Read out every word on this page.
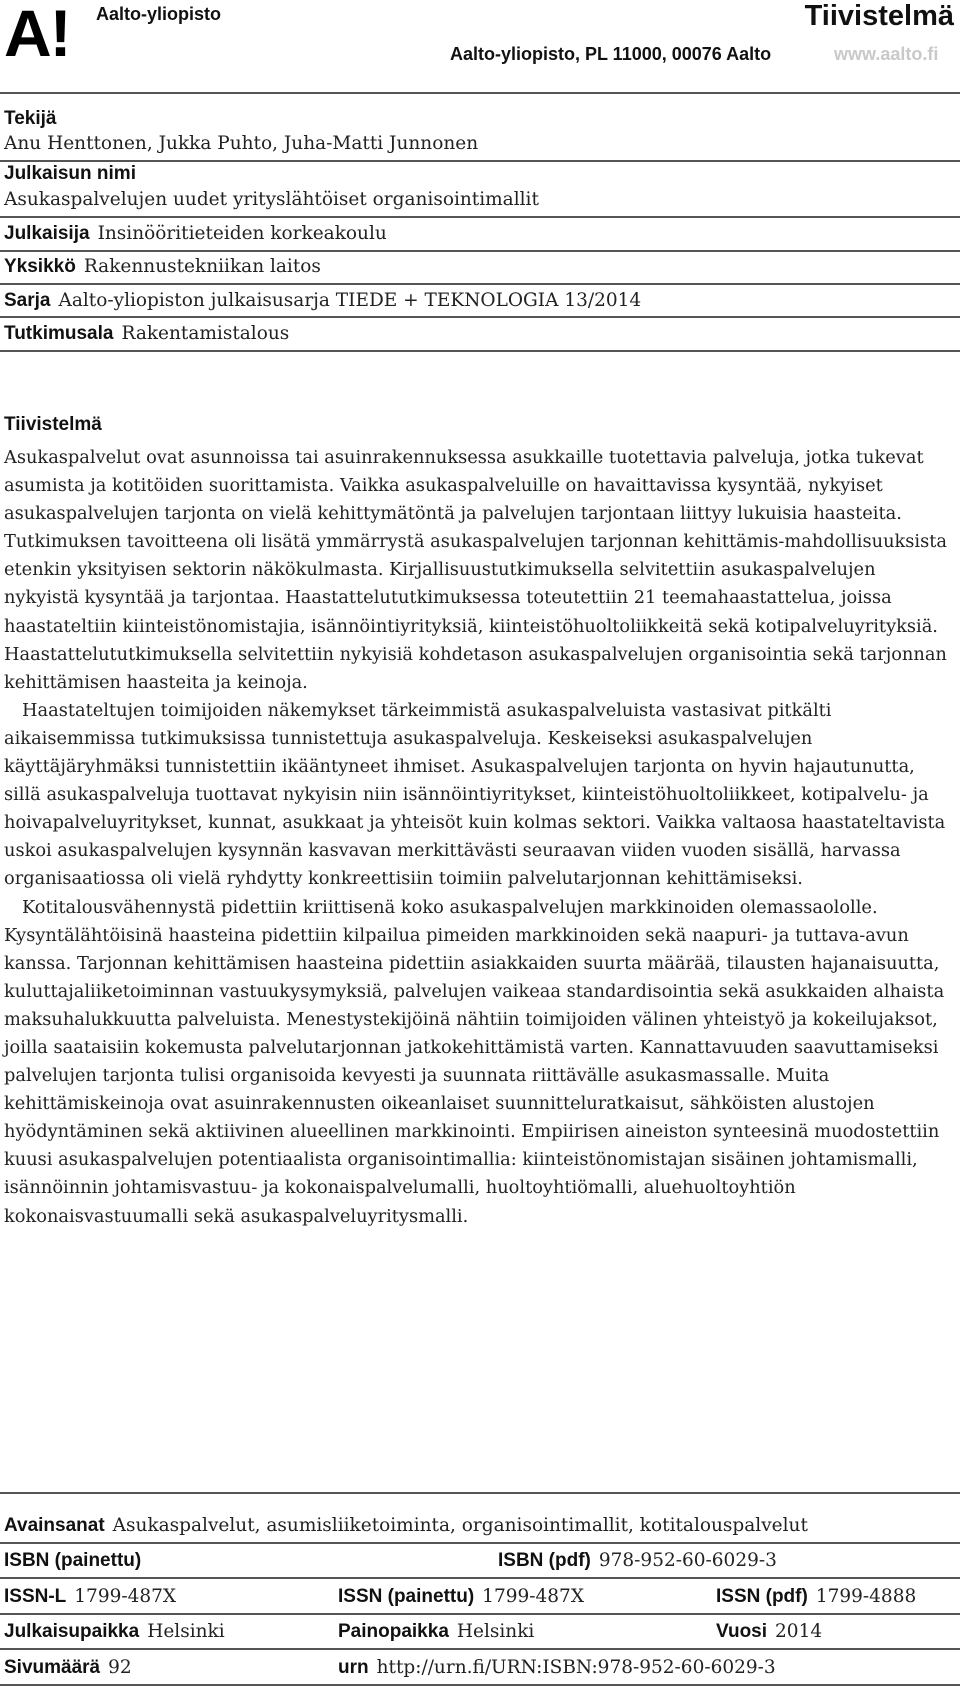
A! Aalto-yliopisto	Tiivistelmä
Aalto-yliopisto, PL 11000, 00076 Aalto	www.aalto.fi
Tekijä
Anu Henttonen, Jukka Puhto, Juha-Matti Junnonen
Julkaisun nimi
Asukaspalvelujen uudet yrityslähtöiset organisointimallit
Julkaisija Insinööritieteiden korkeakoulu
Yksikkö Rakennustekniikan laitos
Sarja Aalto-yliopiston julkaisusarja TIEDE + TEKNOLOGIA 13/2014
Tutkimusala Rakentamistalous
Tiivistelmä

Asukaspalvelut ovat asunnoissa tai asuinrakennuksessa asukkaille tuotettavia palveluja, jotka tukevat asumista ja kotitöiden suorittamista. Vaikka asukaspalveluille on havaittavissa kysyntää, nykyiset asukaspalvelujen tarjonta on vielä kehittymätöntä ja palvelujen tarjontaan liittyy lukuisia haasteita. Tutkimuksen tavoitteena oli lisätä ymmärrystä asukaspalvelujen tarjonnan kehittämis-mahdollisuuksista etenkin yksityisen sektorin näkökulmasta. Kirjallisuustutkimuksella selvitettiin asukaspalvelujen nykyistä kysyntää ja tarjontaa. Haastattelututkimuksessa toteutettiin 21 teemahaastattelua, joissa haastateltiin kiinteistönomistajia, isännöintiyrityksiä, kiinteistöhuoltoliikkeitä sekä kotipalveluyrityksiä. Haastattelututkimuksella selvitettiin nykyisiä kohdetason asukaspalvelujen organisointia sekä tarjonnan kehittämisen haasteita ja keinoja.

Haastateltujen toimijoiden näkemykset tärkeimmistä asukaspalveluista vastasivat pitkälti aikaisemmissa tutkimuksissa tunnistettuja asukaspalveluja. Keskeiseksi asukaspalvelujen käyttäjäryhmäksi tunnistettiin ikääntyneet ihmiset. Asukaspalvelujen tarjonta on hyvin hajautunutta, sillä asukaspalveluja tuottavat nykyisin niin isännöintiyritykset, kiinteistöhuoltoliikkeet, kotipalvelu- ja hoivapalveluyritykset, kunnat, asukkaat ja yhteisöt kuin kolmas sektori. Vaikka valtaosa haastateltavista uskoi asukaspalvelujen kysynnän kasvavan merkittävästi seuraavan viiden vuoden sisällä, harvassa organisaatiossa oli vielä ryhdytty konkreettisiin toimiin palvelutarjonnan kehittämiseksi.

Kotitalousvähennystä pidettiin kriittisenä koko asukaspalvelujen markkinoiden olemassaololle. Kysyntälähtöisinä haasteina pidettiin kilpailua pimeiden markkinoiden sekä naapuri- ja tuttava-avun kanssa. Tarjonnan kehittämisen haasteina pidettiin asiakkaiden suurta määrää, tilausten hajanaisuutta, kuluttajaliiketoiminnan vastuukysymyksiä, palvelujen vaikeaa standardisointia sekä asukkaiden alhaista maksuhalukkuutta palveluista. Menestystekijöinä nähtiin toimijoiden välinen yhteistyö ja kokeilujaksot, joilla saataisiin kokemusta palvelutarjonnan jatkokehittämistä varten. Kannattavuuden saavuttamiseksi palvelujen tarjonta tulisi organisoida kevyesti ja suunnata riittävälle asukasmassalle. Muita kehittämiskeinoja ovat asuinrakennusten oikeanlaiset suunnitteluratkaisut, sähköisten alustojen hyödyntäminen sekä aktiivinen alueellinen markkinointi. Empiirisen aineiston synteesinä muodostettiin kuusi asukaspalvelujen potentiaalista organisointimallia: kiinteistönomistajan sisäinen johtamismalli, isännöinnin johtamisvastuu- ja kokonaispalvelumalli, huoltoyhtiömalli, aluehuoltoyhtiön kokonaisvastuumalli sekä asukaspalveluyritysmalli.

Avainsanat Asukaspalvelut, asumisliiketoiminta, organisointimallit, kotitalouspalvelut
ISBN (painettu)	ISBN (pdf) 978-952-60-6029-3
ISSN-L 1799-487X	ISSN (painettu) 1799-487X	ISSN (pdf) 1799-4888
Julkaisupaikka Helsinki	Painopaikka Helsinki	Vuosi 2014
Sivumäärä 92	urn http://urn.fi/URN:ISBN:978-952-60-6029-3
